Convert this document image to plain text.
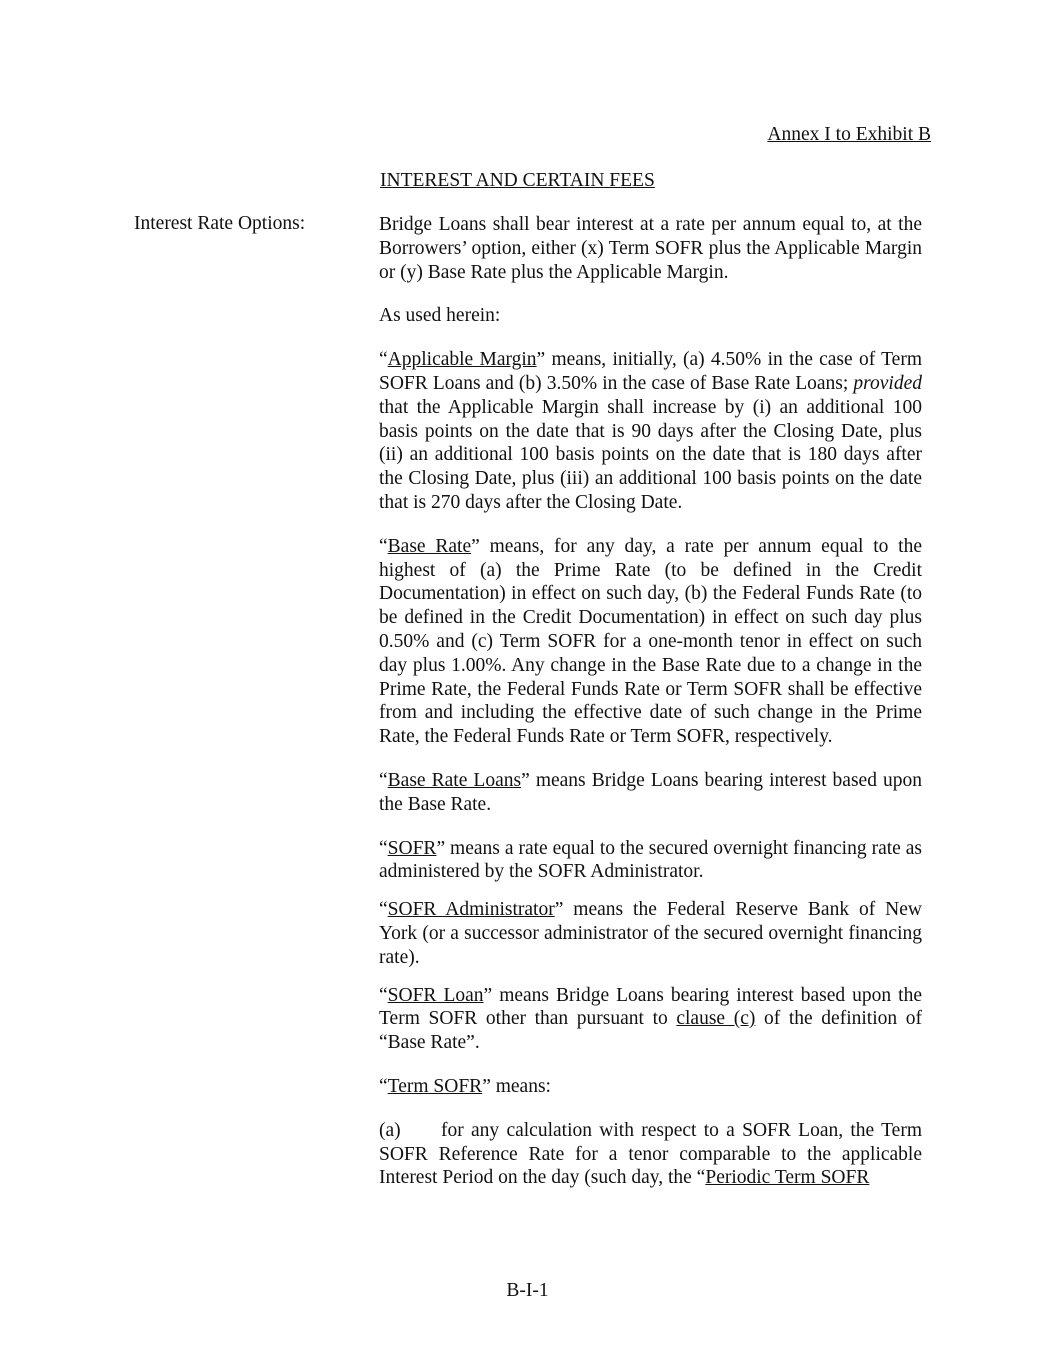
Annex I to Exhibit B
INTEREST AND CERTAIN FEES
Interest Rate Options:	Bridge Loans shall bear interest at a rate per annum equal to, at the Borrowers’ option, either (x) Term SOFR plus the Applicable Margin or (y) Base Rate plus the Applicable Margin.

As used herein:

“Applicable Margin” means, initially, (a) 4.50% in the case of Term SOFR Loans and (b) 3.50% in the case of Base Rate Loans; provided that the Applicable Margin shall increase by (i) an additional 100 basis points on the date that is 90 days after the Closing Date, plus (ii) an additional 100 basis points on the date that is 180 days after the Closing Date, plus (iii) an additional 100 basis points on the date that is 270 days after the Closing Date.

“Base Rate” means, for any day, a rate per annum equal to the highest of (a) the Prime Rate (to be defined in the Credit Documentation) in effect on such day, (b) the Federal Funds Rate (to be defined in the Credit Documentation) in effect on such day plus 0.50% and (c) Term SOFR for a one-month tenor in effect on such day plus 1.00%. Any change in the Base Rate due to a change in the Prime Rate, the Federal Funds Rate or Term SOFR shall be effective from and including the effective date of such change in the Prime Rate, the Federal Funds Rate or Term SOFR, respectively.

“Base Rate Loans” means Bridge Loans bearing interest based upon the Base Rate.

“SOFR” means a rate equal to the secured overnight financing rate as administered by the SOFR Administrator.

“SOFR Administrator” means the Federal Reserve Bank of New York (or a successor administrator of the secured overnight financing rate).

“SOFR Loan” means Bridge Loans bearing interest based upon the Term SOFR other than pursuant to clause (c) of the definition of “Base Rate”.

“Term SOFR” means:

(a) for any calculation with respect to a SOFR Loan, the Term SOFR Reference Rate for a tenor comparable to the applicable Interest Period on the day (such day, the “Periodic Term SOFR

B-I-1
